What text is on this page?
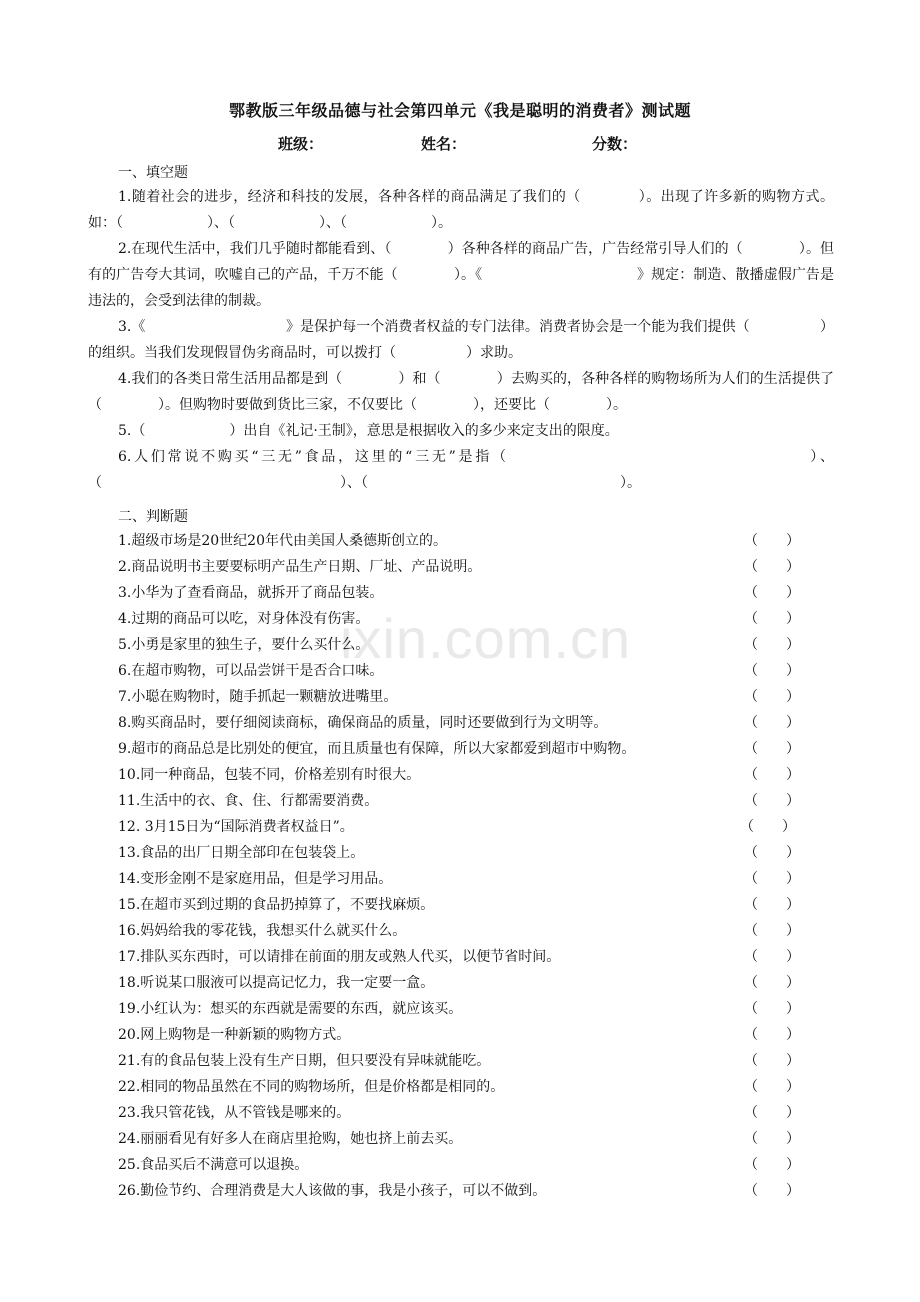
ixin.com.cn
鄂教版三年级品德与社会第四单元《我是聪明的消费者》测试题
班级：	姓名：	分数：
一、填空题
1.随着社会的进步，经济和科技的发展，各种各样的商品满足了我们的（　　　　）。出现了许多新的购物方式。如：（　　　　　　）、（　　　　　　）、（　　　　　　）。
2.在现代生活中，我们几乎随时都能看到、（　　　　）各种各样的商品广告，广告经常引导人们的（　　　　）。但有的广告夸大其词，吹嘘自己的产品，千万不能（　　　　）。《　　　　　　　　　　　》规定：制造、散播虚假广告是违法的，会受到法律的制裁。
3.《　　　　　　　　　　》是保护每一个消费者权益的专门法律。消费者协会是一个能为我们提供（　　　　　）的组织。当我们发现假冒伪劣商品时，可以拨打（　　　　　）求助。
4.我们的各类日常生活用品都是到（　　　　）和（　　　　）去购买的，各种各样的购物场所为人们的生活提供了（　　　　）。但购物时要做到货比三家，不仅要比（　　　　），还要比（　　　　）。
5.（　　　　　　）出自《礼记·王制》，意思是根据收入的多少来定支出的限度。
6.人们常说不购买“三无”食品，这里的“三无”是指（　　　　　　　　　　　　　　　　　　）、（　　　　　　　　　　　　　　　　　）、（　　　　　　　　　　　　　　　　　　）。
二、判断题
1.超级市场是20世纪20年代由美国人桑德斯创立的。	（　　）
2.商品说明书主要要标明产品生产日期、厂址、产品说明。	（　　）
3.小华为了查看商品，就拆开了商品包装。	（　　）
4.过期的商品可以吃，对身体没有伤害。	（　　）
5.小勇是家里的独生子，要什么买什么。	（　　）
6.在超市购物，可以品尝饼干是否合口味。	（　　）
7.小聪在购物时，随手抓起一颗糖放进嘴里。	（　　）
8.购买商品时，要仔细阅读商标，确保商品的质量，同时还要做到行为文明等。	（　　）
9.超市的商品总是比别处的便宜，而且质量也有保障，所以大家都爱到超市中购物。	（　　）
10.同一种商品，包装不同，价格差别有时很大。	（　　）
11.生活中的衣、食、住、行都需要消费。	（　　）
12. 3月15日为“国际消费者权益日”。	（　　）
13.食品的出厂日期全部印在包装袋上。	（　　）
14.变形金刚不是家庭用品，但是学习用品。	（　　）
15.在超市买到过期的食品扔掉算了，不要找麻烦。	（　　）
16.妈妈给我的零花钱，我想买什么就买什么。	（　　）
17.排队买东西时，可以请排在前面的朋友或熟人代买，以便节省时间。	（　　）
18.听说某口服液可以提高记忆力，我一定要一盒。	（　　）
19.小红认为：想买的东西就是需要的东西，就应该买。	（　　）
20.网上购物是一种新颖的购物方式。	（　　）
21.有的食品包装上没有生产日期，但只要没有异味就能吃。	（　　）
22.相同的物品虽然在不同的购物场所，但是价格都是相同的。	（　　）
23.我只管花钱，从不管钱是哪来的。	（　　）
24.丽丽看见有好多人在商店里抢购，她也挤上前去买。	（　　）
25.食品买后不满意可以退换。	（　　）
26.勤俭节约、合理消费是大人该做的事，我是小孩子，可以不做到。	（　　）
